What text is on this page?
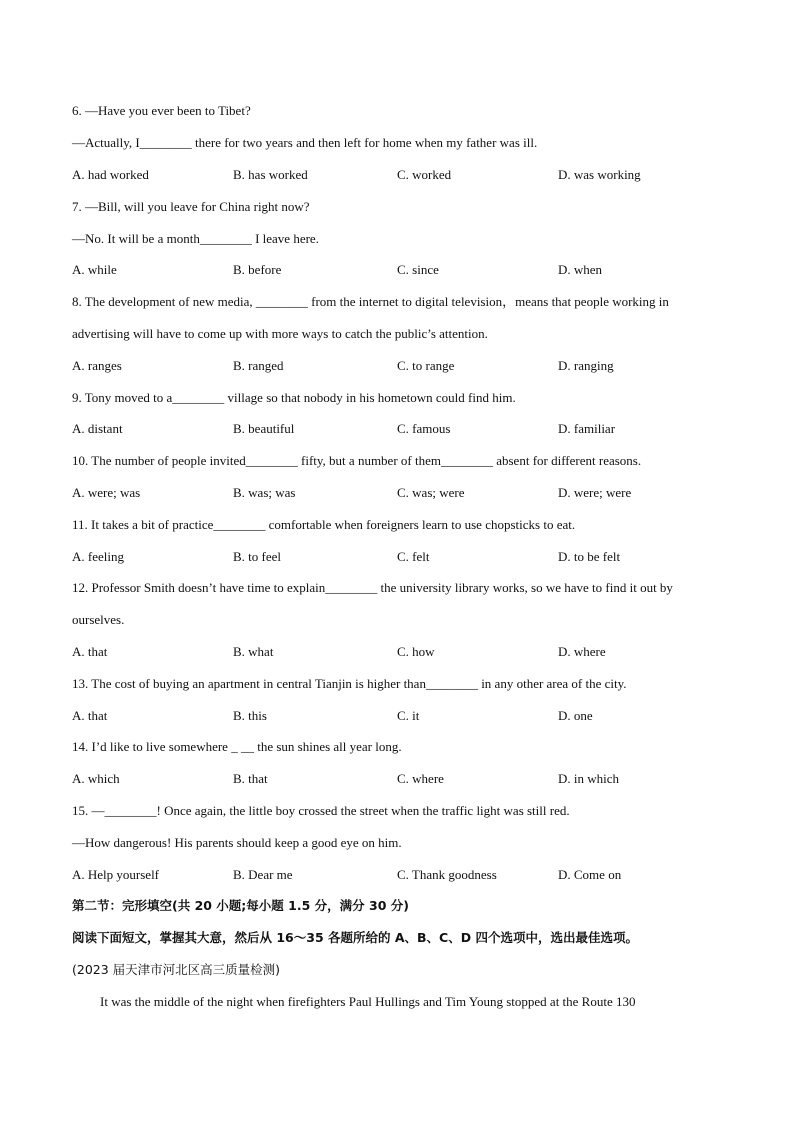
6. —Have you ever been to Tibet?
—Actually, I________ there for two years and then left for home when my father was ill.
A. had worked	B. has worked	C. worked	D. was working
7. —Bill, will you leave for China right now?
—No. It will be a month________ I leave here.
A. while	B. before	C. since	D. when
8. The development of new media, ________ from the internet to digital television，means that people working in
advertising will have to come up with more ways to catch the public’s attention.
A. ranges	B. ranged	C. to range	D. ranging
9. Tony moved to a________ village so that nobody in his hometown could find him.
A. distant	B. beautiful	C. famous	D. familiar
10. The number of people invited________ fifty, but a number of them________ absent for different reasons.
A. were; was	B. was; was	C. was; were	D. were; were
11. It takes a bit of practice________ comfortable when foreigners learn to use chopsticks to eat.
A. feeling	B. to feel	C. felt	D. to be felt
12. Professor Smith doesn’t have time to explain________ the university library works, so we have to find it out by
ourselves.
A. that	B. what	C. how	D. where
13. The cost of buying an apartment in central Tianjin is higher than________ in any other area of the city.
A. that	B. this	C. it	D. one
14. I’d like to live somewhere _ __ the sun shines all year long.
A. which	B. that	C. where	D. in which
15. —________! Once again, the little boy crossed the street when the traffic light was still red.
—How dangerous! His parents should keep a good eye on him.
A. Help yourself	B. Dear me	C. Thank goodness	D. Come on
第二节：完形填空(共 20 小题;每小题 1.5 分，满分 30 分)
阅读下面短文，掌握其大意，然后从 16～35 各题所给的 A、B、C、D 四个选项中，选出最佳选项。
(2023 届天津市河北区高三质量检测)
It was the middle of the night when firefighters Paul Hullings and Tim Young stopped at the Route 130
